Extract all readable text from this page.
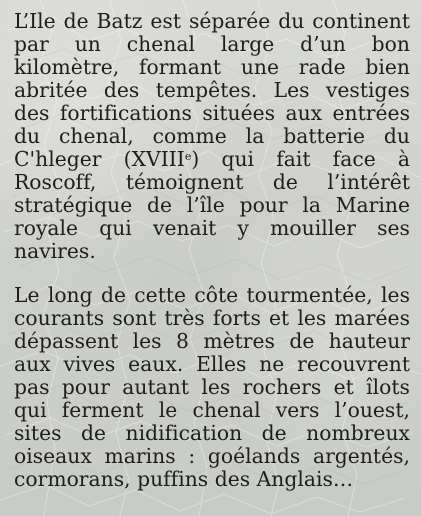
L’Ile de Batz est séparée du continent par un chenal large d’un bon kilomètre, formant une rade bien abritée des tempêtes. Les vestiges des fortifications situées aux entrées du chenal, comme la batterie du C'hleger (XVIIIe) qui fait face à Roscoff, témoignent de l’intérêt stratégique de l’île pour la Marine royale qui venait y mouiller ses navires.

Le long de cette côte tourmentée, les courants sont très forts et les marées dépassent les 8 mètres de hauteur aux vives eaux. Elles ne recouvrent pas pour autant les rochers et îlots qui ferment le chenal vers l’ouest, sites de nidification de nombreux oiseaux marins : goélands argentés, cormorans, puffins des Anglais…
